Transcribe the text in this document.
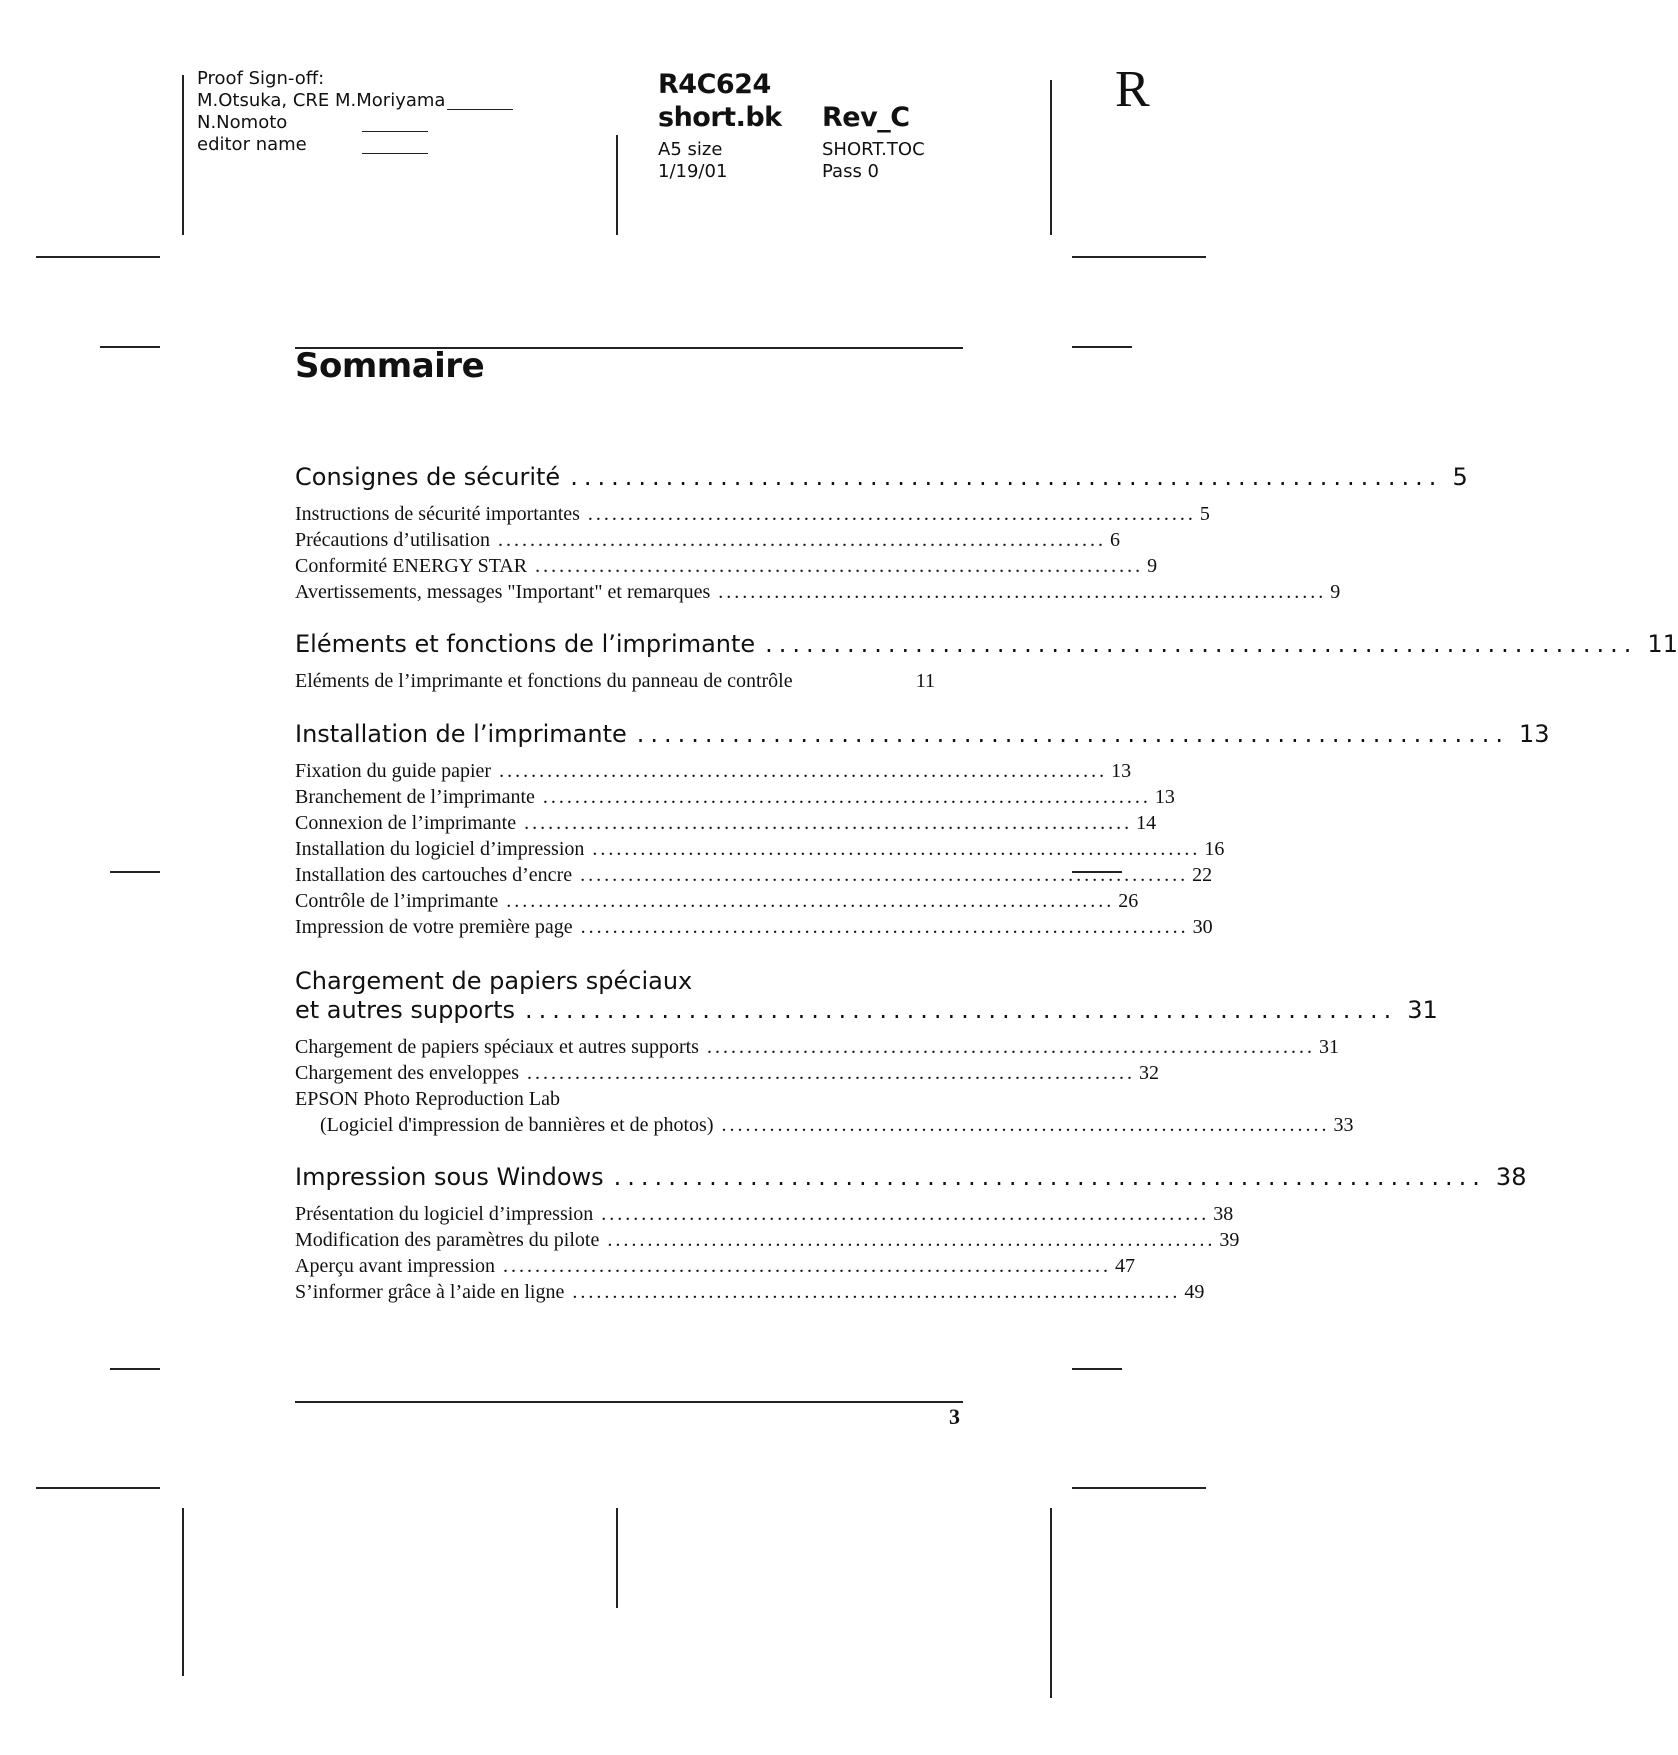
Proof Sign-off:
M.Otsuka, CRE M.Moriyama
N.Nomoto
editor name
R4C624
short.bk Rev_C
A5 size
1/19/01
SHORT.TOC
Pass 0
R
Sommaire
Consignes de sécurité ................................................................ 5
Instructions de sécurité importantes ............................................................................ 5
Précautions d’utilisation ............................................................................ 6
Conformité ENERGY STAR ............................................................................ 9
Avertissements, messages "Important" et remarques ............................................................................ 9
Eléments et fonctions de l’imprimante ................................................................ 11
Eléments de l’imprimante et fonctions du panneau de contrôle	11
Installation de l’imprimante ................................................................ 13
Fixation du guide papier ............................................................................ 13
Branchement de l’imprimante ............................................................................ 13
Connexion de l’imprimante ............................................................................ 14
Installation du logiciel d’impression ............................................................................ 16
Installation des cartouches d’encre ............................................................................ 22
Contrôle de l’imprimante ............................................................................ 26
Impression de votre première page ............................................................................ 30
Chargement de papiers spéciaux
et autres supports ................................................................ 31
Chargement de papiers spéciaux et autres supports ............................................................................ 31
Chargement des enveloppes ............................................................................ 32
EPSON Photo Reproduction Lab
(Logiciel d'impression de bannières et de photos) ............................................................................ 33
Impression sous Windows ................................................................ 38
Présentation du logiciel d’impression ............................................................................ 38
Modification des paramètres du pilote ............................................................................ 39
Aperçu avant impression ............................................................................ 47
S’informer grâce à l’aide en ligne ............................................................................ 49
3
